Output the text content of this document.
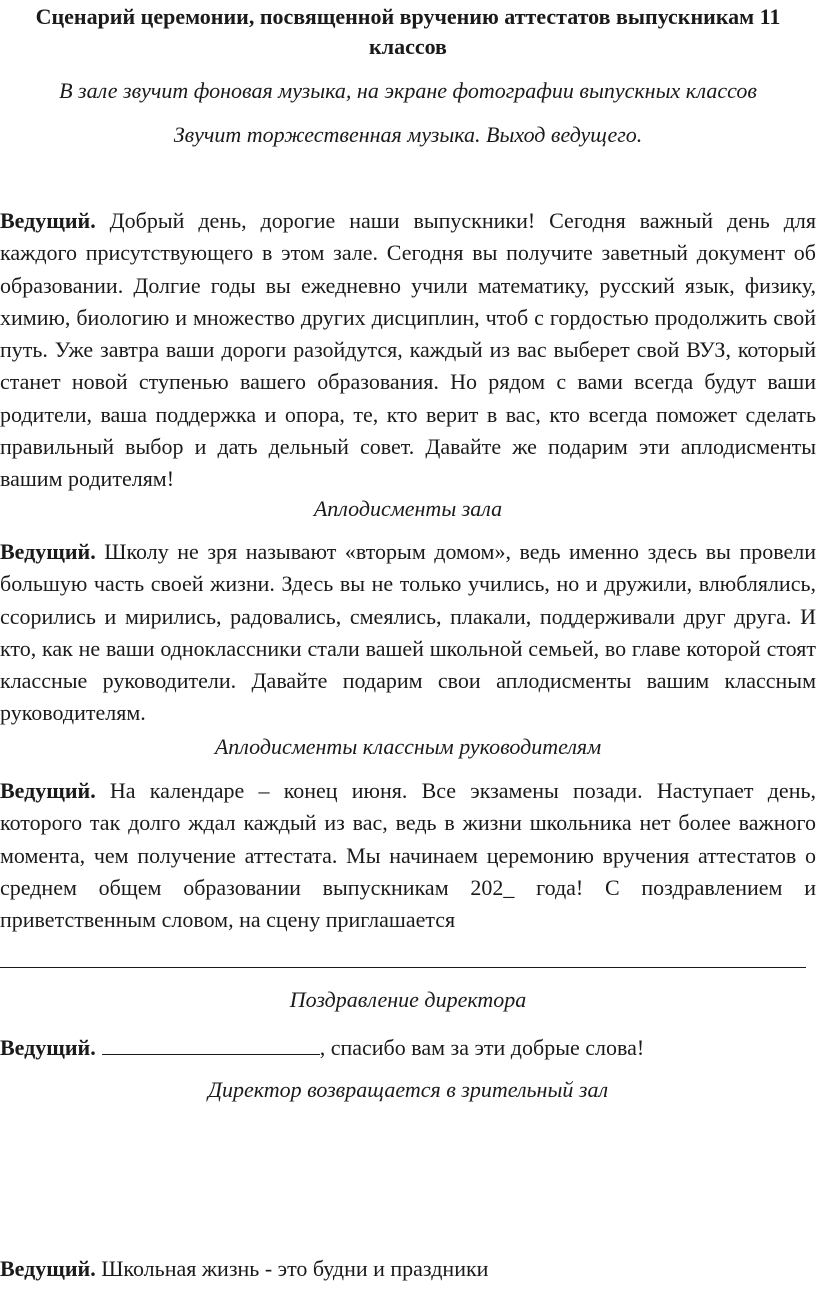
Сценарий церемонии, посвященной вручению аттестатов выпускникам 11 классов

В зале звучит фоновая музыка, на экране фотографии выпускных классов

Звучит торжественная музыка. Выход ведущего.

Ведущий. Добрый день, дорогие наши выпускники! Сегодня важный день для каждого присутствующего в этом зале. Сегодня вы получите заветный документ об образовании. Долгие годы вы ежедневно учили математику, русский язык, физику, химию, биологию и множество других дисциплин, чтоб с гордостью продолжить свой путь. Уже завтра ваши дороги разойдутся, каждый из вас выберет свой ВУЗ, который станет новой ступенью вашего образования. Но рядом с вами всегда будут ваши родители, ваша поддержка и опора, те, кто верит в вас, кто всегда поможет сделать правильный выбор и дать дельный совет. Давайте же подарим эти аплодисменты вашим родителям!

Аплодисменты зала

Ведущий. Школу не зря называют «вторым домом», ведь именно здесь вы провели большую часть своей жизни. Здесь вы не только учились, но и дружили, влюблялись, ссорились и мирились, радовались, смеялись, плакали, поддерживали друг друга. И кто, как не ваши одноклассники стали вашей школьной семьей, во главе которой стоят классные руководители. Давайте подарим свои аплодисменты вашим классным руководителям.

Аплодисменты классным руководителям

Ведущий. На календаре – конец июня. Все экзамены позади. Наступает день, которого так долго ждал каждый из вас, ведь в жизни школьника нет более важного момента, чем получение аттестата. Мы начинаем церемонию вручения аттестатов о среднем общем образовании выпускникам 202_ года! С поздравлением и приветственным словом, на сцену приглашается

Поздравление директора

Ведущий.	, спасибо вам за эти добрые слова!

Директор возвращается в зрительный зал

Ведущий. Школьная жизнь - это будни и праздники
